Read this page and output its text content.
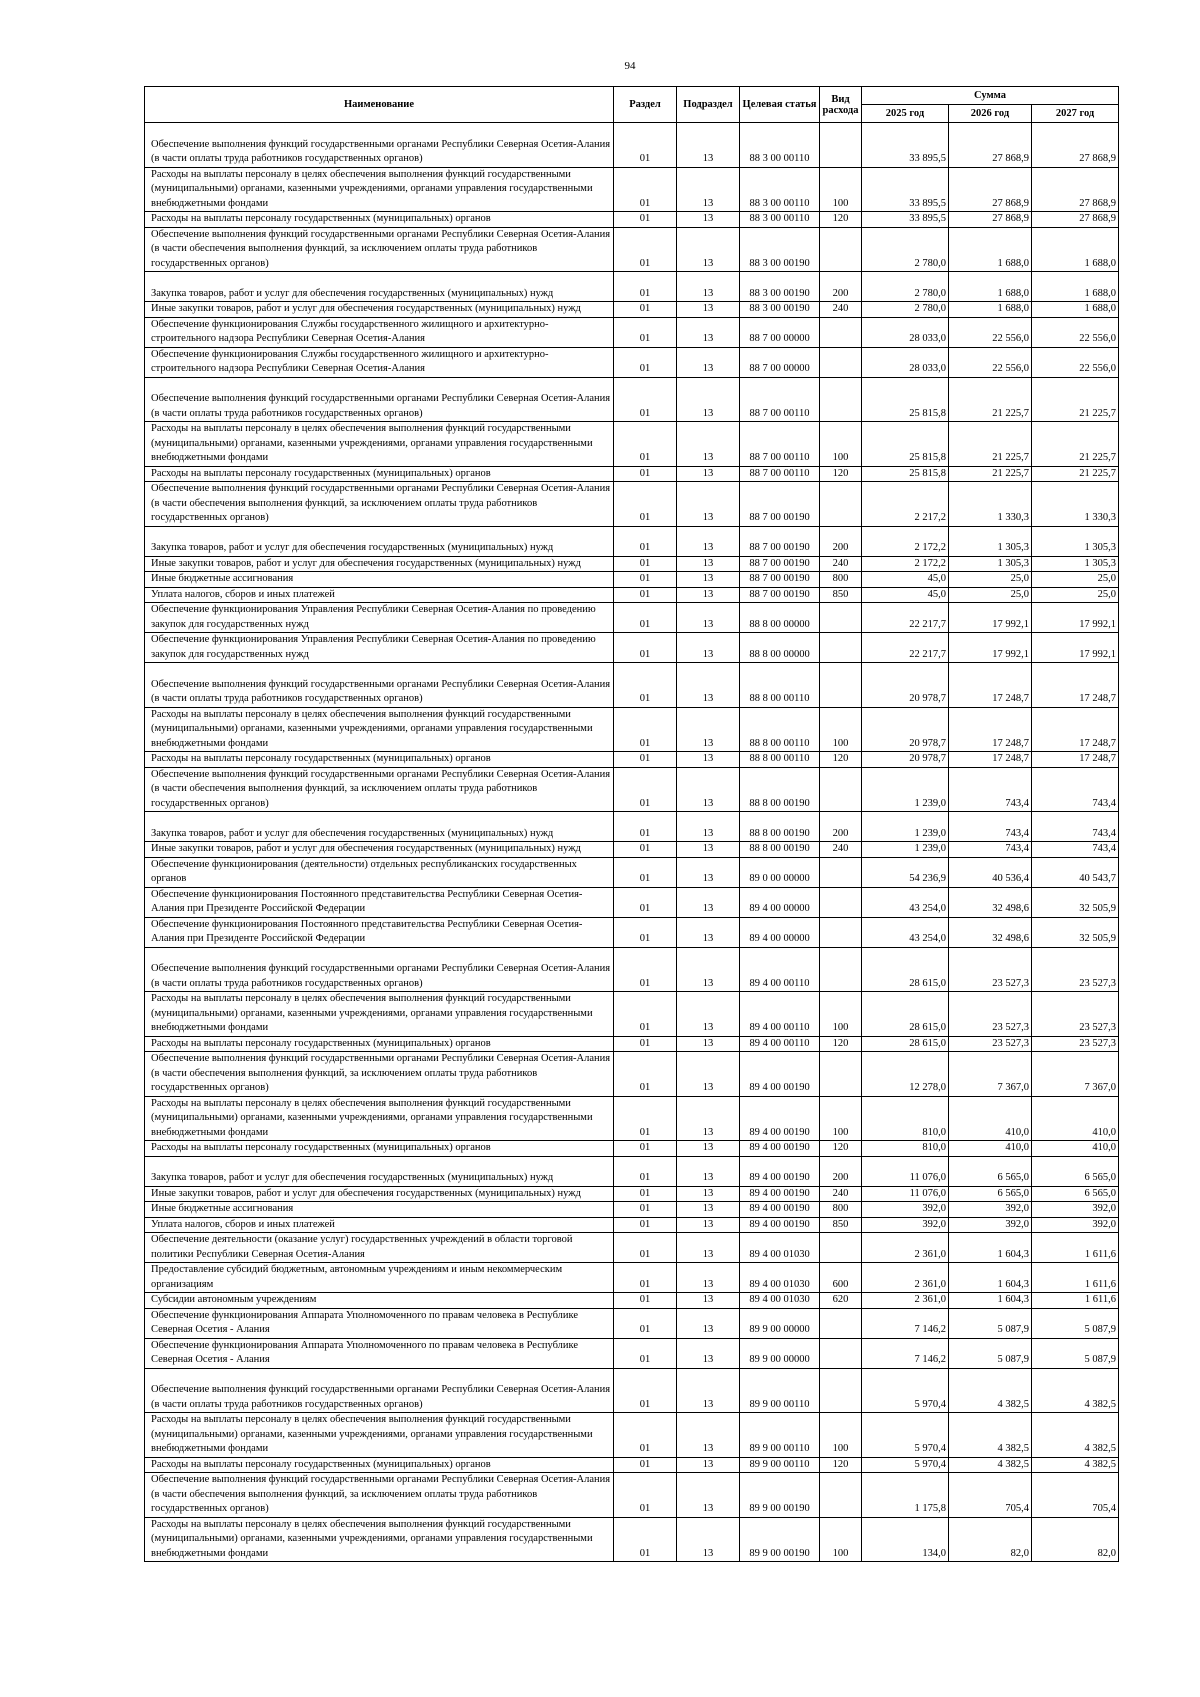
94
Наименование	Раздел	Подраздел	Целевая статья	Вид расхода	Сумма		
					2025 год	2026 год	2027 год

Обеспечение выполнения функций государственными органами Республики Северная Осетия-Алания (в части оплаты труда работников государственных органов)	01	13	88 3 00 00110		33 895,5	27 868,9	27 868,9
Расходы на выплаты персоналу в целях обеспечения выполнения функций государственными (муниципальными) органами, казенными учреждениями, органами управления государственными внебюджетными фондами	01	13	88 3 00 00110	100	33 895,5	27 868,9	27 868,9
Расходы на выплаты персоналу государственных (муниципальных) органов	01	13	88 3 00 00110	120	33 895,5	27 868,9	27 868,9
Обеспечение выполнения функций государственными органами Республики Северная Осетия-Алания (в части обеспечения выполнения функций, за исключением оплаты труда работников государственных органов)	01	13	88 3 00 00190		2 780,0	1 688,0	1 688,0

Закупка товаров, работ и услуг для обеспечения государственных (муниципальных) нужд	01	13	88 3 00 00190	200	2 780,0	1 688,0	1 688,0
Иные закупки товаров, работ и услуг для обеспечения государственных (муниципальных) нужд	01	13	88 3 00 00190	240	2 780,0	1 688,0	1 688,0
Обеспечение функционирования Службы государственного жилищного и архитектурно-строительного надзора Республики Северная Осетия-Алания	01	13	88 7 00 00000		28 033,0	22 556,0	22 556,0
Обеспечение функционирования Службы государственного жилищного и архитектурно-строительного надзора Республики Северная Осетия-Алания	01	13	88 7 00 00000		28 033,0	22 556,0	22 556,0

Обеспечение выполнения функций государственными органами Республики Северная Осетия-Алания (в части оплаты труда работников государственных органов)	01	13	88 7 00 00110		25 815,8	21 225,7	21 225,7
Расходы на выплаты персоналу в целях обеспечения выполнения функций государственными (муниципальными) органами, казенными учреждениями, органами управления государственными внебюджетными фондами	01	13	88 7 00 00110	100	25 815,8	21 225,7	21 225,7
Расходы на выплаты персоналу государственных (муниципальных) органов	01	13	88 7 00 00110	120	25 815,8	21 225,7	21 225,7
Обеспечение выполнения функций государственными органами Республики Северная Осетия-Алания (в части обеспечения выполнения функций, за исключением оплаты труда работников государственных органов)	01	13	88 7 00 00190		2 217,2	1 330,3	1 330,3

Закупка товаров, работ и услуг для обеспечения государственных (муниципальных) нужд	01	13	88 7 00 00190	200	2 172,2	1 305,3	1 305,3
Иные закупки товаров, работ и услуг для обеспечения государственных (муниципальных) нужд	01	13	88 7 00 00190	240	2 172,2	1 305,3	1 305,3
Иные бюджетные ассигнования	01	13	88 7 00 00190	800	45,0	25,0	25,0
Уплата налогов, сборов и иных платежей	01	13	88 7 00 00190	850	45,0	25,0	25,0
Обеспечение функционирования Управления Республики Северная Осетия-Алания по проведению закупок для государственных нужд	01	13	88 8 00 00000		22 217,7	17 992,1	17 992,1
Обеспечение функционирования Управления Республики Северная Осетия-Алания по проведению закупок для государственных нужд	01	13	88 8 00 00000		22 217,7	17 992,1	17 992,1

Обеспечение выполнения функций государственными органами Республики Северная Осетия-Алания (в части оплаты труда работников государственных органов)	01	13	88 8 00 00110		20 978,7	17 248,7	17 248,7
Расходы на выплаты персоналу в целях обеспечения выполнения функций государственными (муниципальными) органами, казенными учреждениями, органами управления государственными внебюджетными фондами	01	13	88 8 00 00110	100	20 978,7	17 248,7	17 248,7
Расходы на выплаты персоналу государственных (муниципальных) органов	01	13	88 8 00 00110	120	20 978,7	17 248,7	17 248,7
Обеспечение выполнения функций государственными органами Республики Северная Осетия-Алания (в части обеспечения выполнения функций, за исключением оплаты труда работников государственных органов)	01	13	88 8 00 00190		1 239,0	743,4	743,4

Закупка товаров, работ и услуг для обеспечения государственных (муниципальных) нужд	01	13	88 8 00 00190	200	1 239,0	743,4	743,4
Иные закупки товаров, работ и услуг для обеспечения государственных (муниципальных) нужд	01	13	88 8 00 00190	240	1 239,0	743,4	743,4
Обеспечение функционирования (деятельности) отдельных республиканских государственных органов	01	13	89 0 00 00000		54 236,9	40 536,4	40 543,7
Обеспечение функционирования Постоянного представительства Республики Северная Осетия-Алания при Президенте Российской Федерации	01	13	89 4 00 00000		43 254,0	32 498,6	32 505,9
Обеспечение функционирования Постоянного представительства Республики Северная Осетия-Алания при Президенте Российской Федерации	01	13	89 4 00 00000		43 254,0	32 498,6	32 505,9

Обеспечение выполнения функций государственными органами Республики Северная Осетия-Алания (в части оплаты труда работников государственных органов)	01	13	89 4 00 00110		28 615,0	23 527,3	23 527,3
Расходы на выплаты персоналу в целях обеспечения выполнения функций государственными (муниципальными) органами, казенными учреждениями, органами управления государственными внебюджетными фондами	01	13	89 4 00 00110	100	28 615,0	23 527,3	23 527,3
Расходы на выплаты персоналу государственных (муниципальных) органов	01	13	89 4 00 00110	120	28 615,0	23 527,3	23 527,3
Обеспечение выполнения функций государственными органами Республики Северная Осетия-Алания (в части обеспечения выполнения функций, за исключением оплаты труда работников государственных органов)	01	13	89 4 00 00190		12 278,0	7 367,0	7 367,0
Расходы на выплаты персоналу в целях обеспечения выполнения функций государственными (муниципальными) органами, казенными учреждениями, органами управления государственными внебюджетными фондами	01	13	89 4 00 00190	100	810,0	410,0	410,0
Расходы на выплаты персоналу государственных (муниципальных) органов	01	13	89 4 00 00190	120	810,0	410,0	410,0

Закупка товаров, работ и услуг для обеспечения государственных (муниципальных) нужд	01	13	89 4 00 00190	200	11 076,0	6 565,0	6 565,0
Иные закупки товаров, работ и услуг для обеспечения государственных (муниципальных) нужд	01	13	89 4 00 00190	240	11 076,0	6 565,0	6 565,0
Иные бюджетные ассигнования	01	13	89 4 00 00190	800	392,0	392,0	392,0
Уплата налогов, сборов и иных платежей	01	13	89 4 00 00190	850	392,0	392,0	392,0
Обеспечение деятельности (оказание услуг) государственных учреждений в области торговой политики Республики Северная Осетия-Алания	01	13	89 4 00 01030		2 361,0	1 604,3	1 611,6
Предоставление субсидий бюджетным, автономным учреждениям и иным некоммерческим организациям	01	13	89 4 00 01030	600	2 361,0	1 604,3	1 611,6
Субсидии автономным учреждениям	01	13	89 4 00 01030	620	2 361,0	1 604,3	1 611,6
Обеспечение функционирования Аппарата Уполномоченного по правам человека в Республике Северная Осетия - Алания	01	13	89 9 00 00000		7 146,2	5 087,9	5 087,9
Обеспечение функционирования Аппарата Уполномоченного по правам человека в Республике Северная Осетия - Алания	01	13	89 9 00 00000		7 146,2	5 087,9	5 087,9

Обеспечение выполнения функций государственными органами Республики Северная Осетия-Алания (в части оплаты труда работников государственных органов)	01	13	89 9 00 00110		5 970,4	4 382,5	4 382,5
Расходы на выплаты персоналу в целях обеспечения выполнения функций государственными (муниципальными) органами, казенными учреждениями, органами управления государственными внебюджетными фондами	01	13	89 9 00 00110	100	5 970,4	4 382,5	4 382,5
Расходы на выплаты персоналу государственных (муниципальных) органов	01	13	89 9 00 00110	120	5 970,4	4 382,5	4 382,5
Обеспечение выполнения функций государственными органами Республики Северная Осетия-Алания (в части обеспечения выполнения функций, за исключением оплаты труда работников государственных органов)	01	13	89 9 00 00190		1 175,8	705,4	705,4
Расходы на выплаты персоналу в целях обеспечения выполнения функций государственными (муниципальными) органами, казенными учреждениями, органами управления государственными внебюджетными фондами	01	13	89 9 00 00190	100	134,0	82,0	82,0
